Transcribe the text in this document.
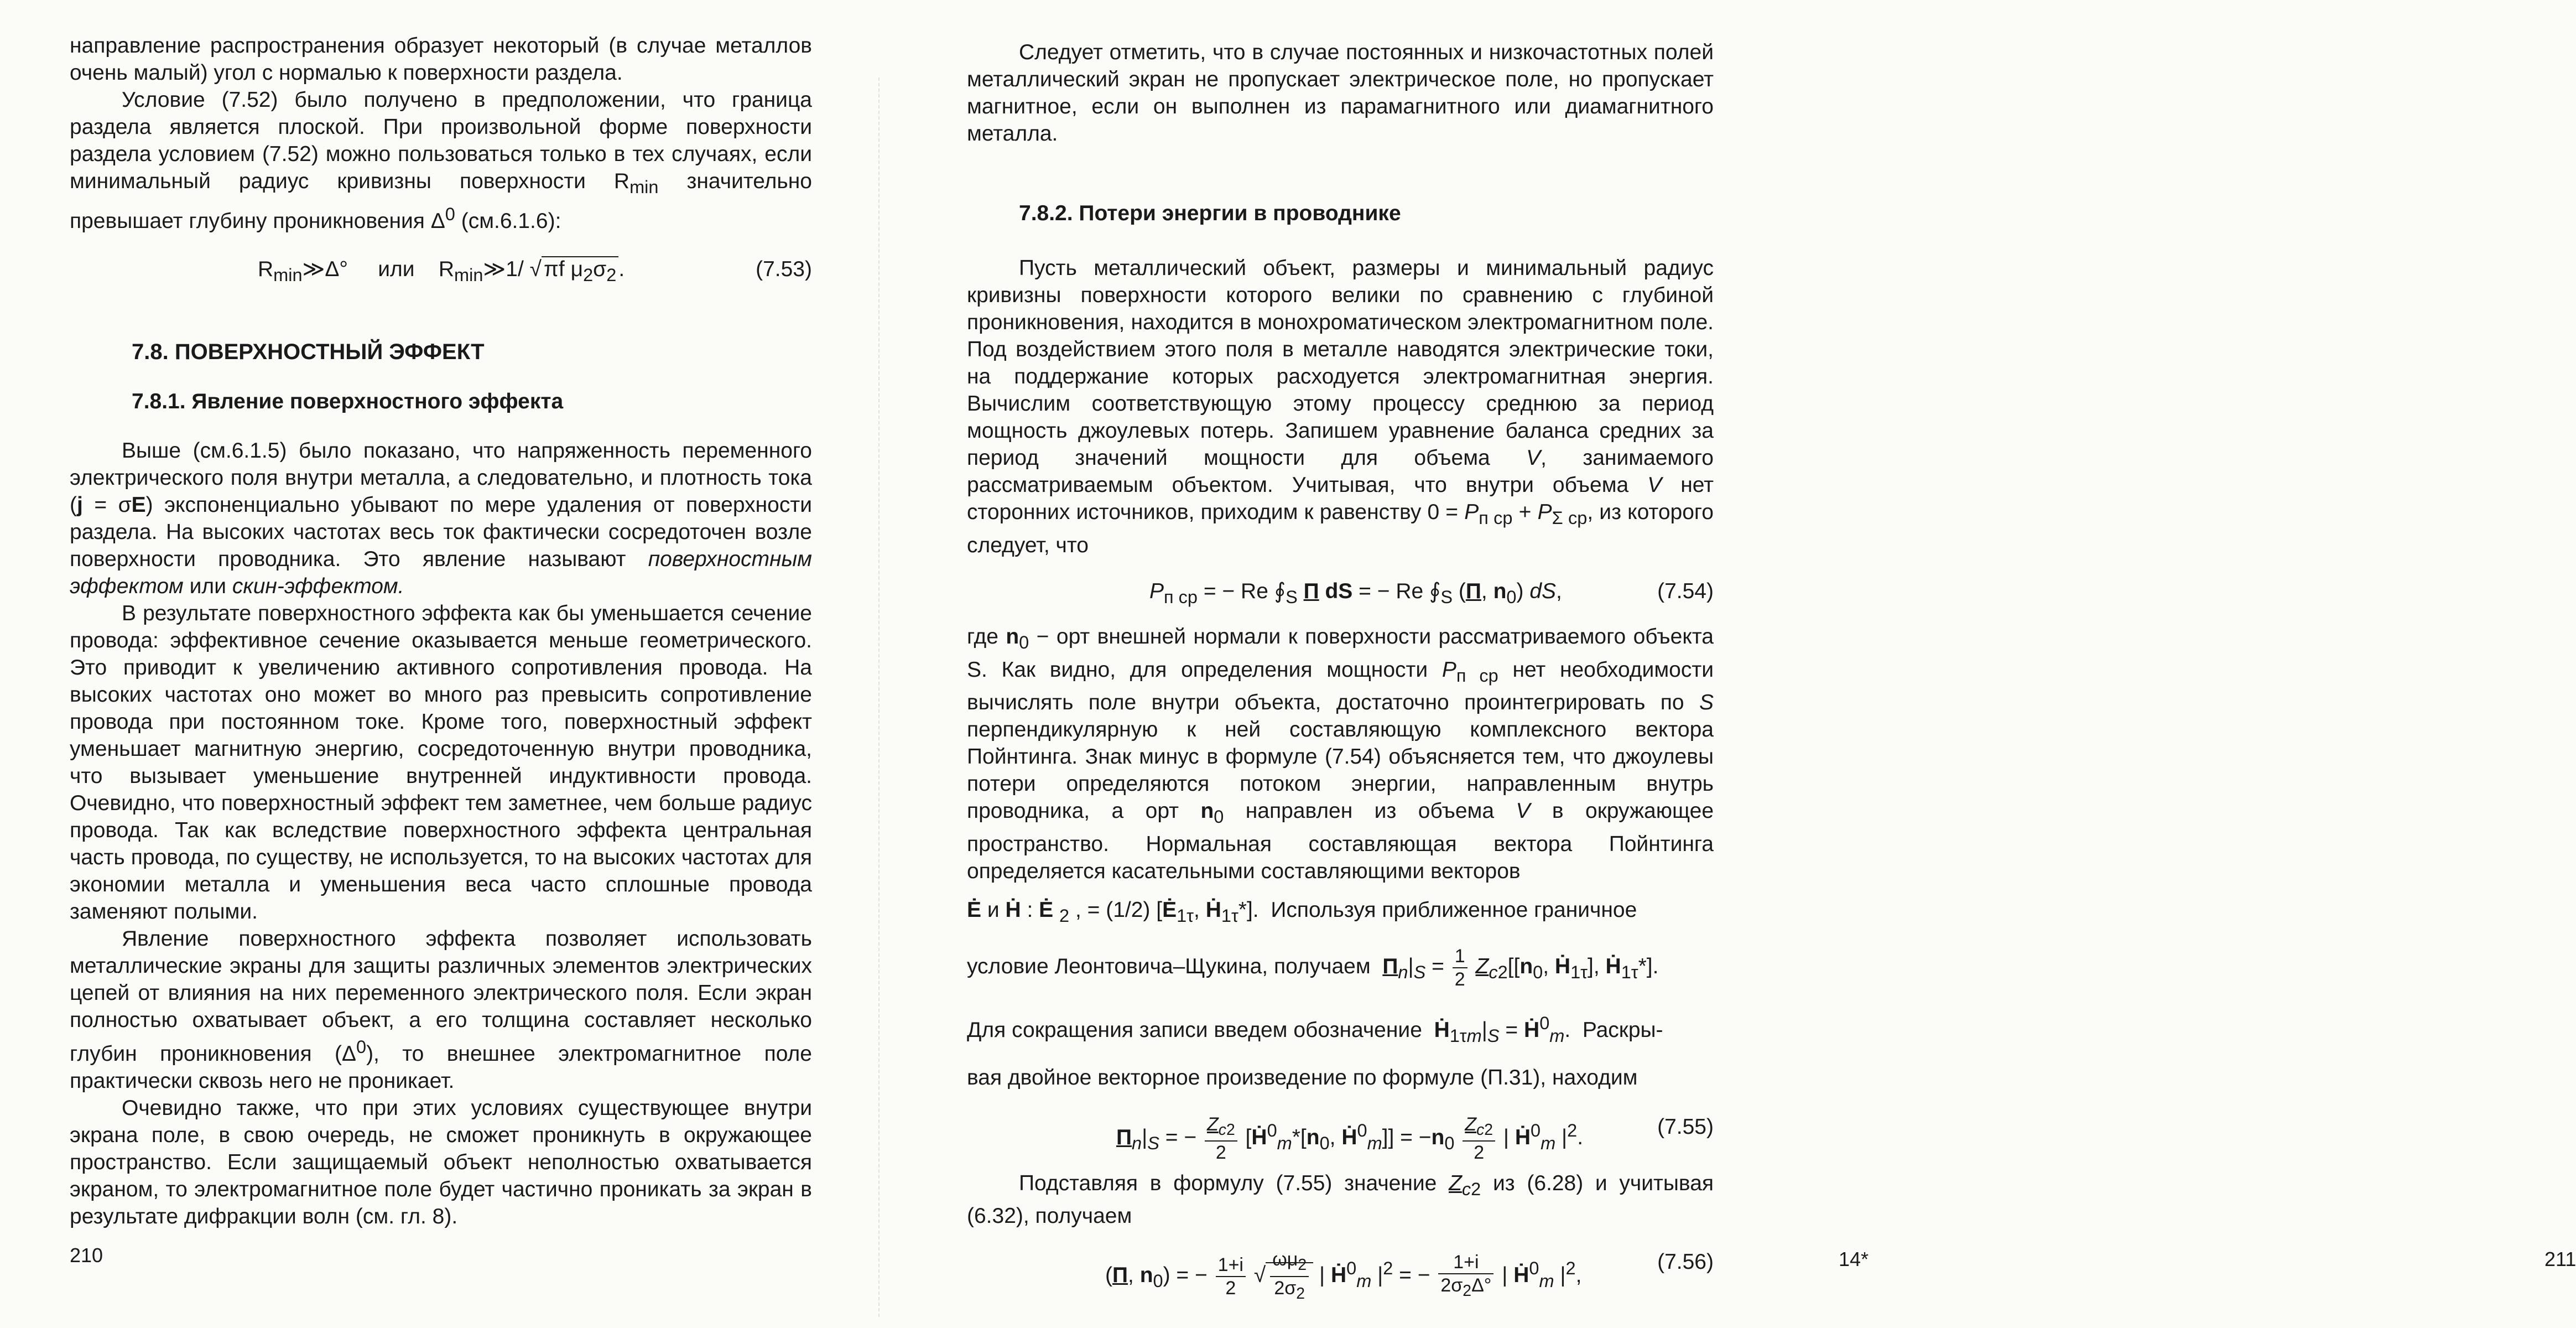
направление распространения образует некоторый (в случае металлов очень малый) угол с нормалью к поверхности раздела.

Условие (7.52) было получено в предположении, что граница раздела является плоской. При произвольной форме поверхности раздела условием (7.52) можно пользоваться только в тех случаях, если минимальный радиус кривизны поверхности $R_{min}$ значительно превышает глубину проникновения $\Delta^0$ (см.6.1.6):

$R_{min}≫\Delta^\circ$     или    $R_{min}≫1/$ √ πf $\mu_2\sigma_2$ .	(7.53)
7.8. ПОВЕРХНОСТНЫЙ ЭФФЕКТ
7.8.1. Явление поверхностного эффекта

Выше (см.6.1.5) было показано, что напряженность переменного электрического поля внутри металла, а следовательно, и плотность тока (j = σE) экспоненциально убывают по мере удаления от поверхности раздела. На высоких частотах весь ток фактически сосредоточен возле поверхности проводника. Это явление называют поверхностным эффектом или скин-эффектом.

В результате поверхностного эффекта как бы уменьшается сечение провода: эффективное сечение оказывается меньше геометрического. Это приводит к увеличению активного сопротивления провода. На высоких частотах оно может во много раз превысить сопротивление провода при постоянном токе. Кроме того, поверхностный эффект уменьшает магнитную энергию, сосредоточенную внутри проводника, что вызывает уменьшение внутренней индуктивности провода. Очевидно, что поверхностный эффект тем заметнее, чем больше радиус провода. Так как вследствие поверхностного эффекта центральная часть провода, по существу, не используется, то на высоких частотах для экономии металла и уменьшения веса часто сплошные провода заменяют полыми.

Явление поверхностного эффекта позволяет использовать металлические экраны для защиты различных элементов электрических цепей от влияния на них переменного электрического поля. Если экран полностью охватывает объект, а его толщина составляет несколько глубин проникновения $(\Delta^0)$, то внешнее электромагнитное поле практически сквозь него не проникает.

Очевидно также, что при этих условиях существующее внутри экрана поле, в свою очередь, не сможет проникнуть в окружающее пространство. Если защищаемый объект неполностью охватывается экраном, то электромагнитное поле будет частично проникать за экран в результате дифракции волн (см. гл. 8).

210

Следует отметить, что в случае постоянных и низкочастотных полей металлический экран не пропускает электрическое поле, но пропускает магнитное, если он выполнен из парамагнитного или диамагнитного металла.

7.8.2. Потери энергии в проводнике

Пусть металлический объект, размеры и минимальный радиус кривизны поверхности которого велики по сравнению с глубиной проникновения, находится в монохроматическом электромагнитном поле. Под воздействием этого поля в металле наводятся электрические токи, на поддержание которых расходуется электромагнитная энергия. Вычислим соответствующую этому процессу среднюю за период мощность джоулевых потерь. Запишем уравнение баланса средних за период значений мощности для объема V, занимаемого рассматриваемым объектом. Учитывая, что внутри объема V нет сторонних источников, приходим к равенству $0 = P_{п ср} + P_{\Sigma ср}$, из которого следует, что

$P_{п ср}$ = − Re $∮_S$ П dS = − Re $∮_S$ (П, $n_0$) dS,	(7.54)

где $n_0$ − орт внешней нормали к поверхности рассматриваемого объекта S. Как видно, для определения мощности $P_{п ср}$ нет необходимости вычислять поле внутри объекта, достаточно проинтегрировать по S перпендикулярную к ней составляющую комплексного вектора Пойнтинга. Знак минус в формуле (7.54) объясняется тем, что джоулевы потери определяются потоком энергии, направленным внутрь проводника, а орт $n_0$ направлен из объема V в окружающее пространство. Нормальная составляющая вектора Пойнтинга определяется касательными составляющими векторов

Ė и Ḣ : Ė $_2$ , = (1/2) [$Ė_{1\tau}$, Ḣ$_{1\tau}$*].  Используя приближенное граничное
условие Леонтовича–Щукина, получаем  $П_n|_S = \frac{1}{2} Z_{c2}[[n_0$, Ḣ$_{1\tau}$], Ḣ$_{1\tau}$*].
Для сокращения записи введем обозначение  $Ḣ_{1\tau m}|_S$ = Ḣ$^0_m$.  Раскры-
вая двойное векторное произведение по формуле (П.31), находим
$П_n|_S$ = − $\frac{Z_{c2}}{2}$ [$Ḣ^0_m*[n_0$, Ḣ$^0_m$]] = $-n_0 \frac{Z_{c2}}{2}$ | Ḣ$^0_m$ $|^2$.	(7.55)

Подставляя в формулу (7.55) значение $Z_{c2}$ из (6.28) и учитывая (6.32), получаем

(П, $n_0$) = − $\frac{1+i}{2}$ √ $\frac{\omega\mu_2}{2\sigma_2}$ | Ḣ$^0_m$ $|^2$ = − $\frac{1+i}{2\sigma_2\Delta^\circ}$ | Ḣ$^0_m$ $|^2$,
(7.56)	14*	211
